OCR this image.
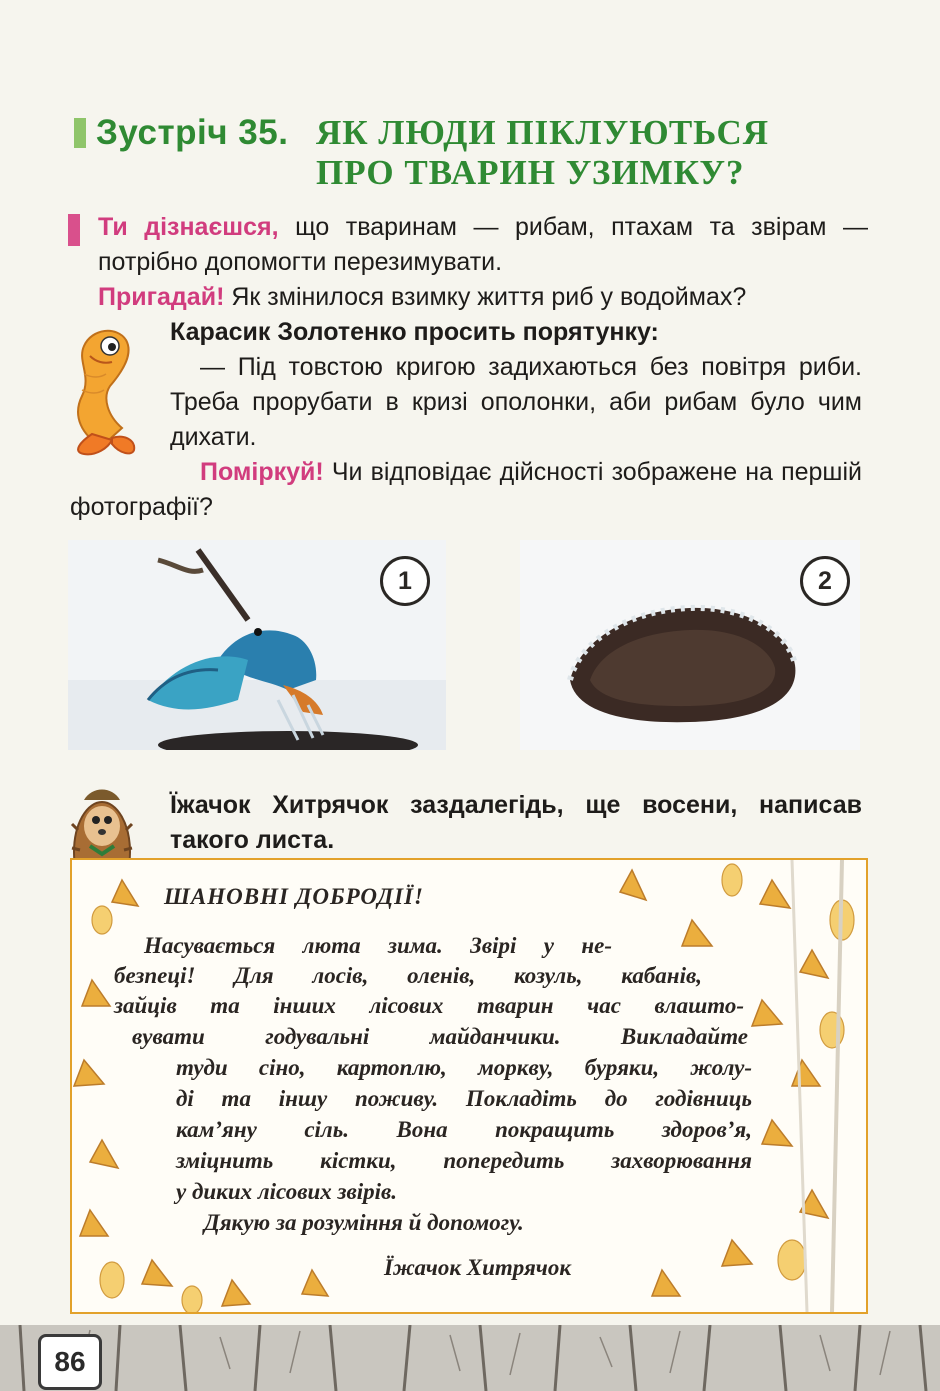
Зустріч 35. ЯК ЛЮДИ ПІКЛУЮТЬСЯ
ПРО ТВАРИН УЗИМКУ?
Ти дізнаєшся, що тваринам — рибам, птахам та звірам — потрібно допомогти перезимувати.
Пригадай! Як змінилося взимку життя риб у водоймах?
Карасик Золотенко просить порятунку:
— Під товстою кригою задихаються без повітря риби. Треба прорубати в кризі ополонки, аби рибам було чим дихати.
Поміркуй! Чи відповідає дійсності зображене на першій фотографії?
1	2
Їжачок Хитрячок заздалегідь, ще восени, написав такого листа.
ШАНОВНІ ДОБРОДІЇ!
Насувається люта зима. Звірі у не-
безпеці! Для лосів, оленів, козуль, кабанів,
зайців та інших лісових тварин час влашто-
вувати годувальні майданчики. Викладайте
туди сіно, картоплю, моркву, буряки, жолу-
ді та іншу поживу. Покладіть до годівниць
кам’яну сіль. Вона покращить здоров’я,
зміцнить кістки, попередить захворювання
у диких лісових звірів.
Дякую за розуміння й допомогу.
Їжачок Хитрячок
86
